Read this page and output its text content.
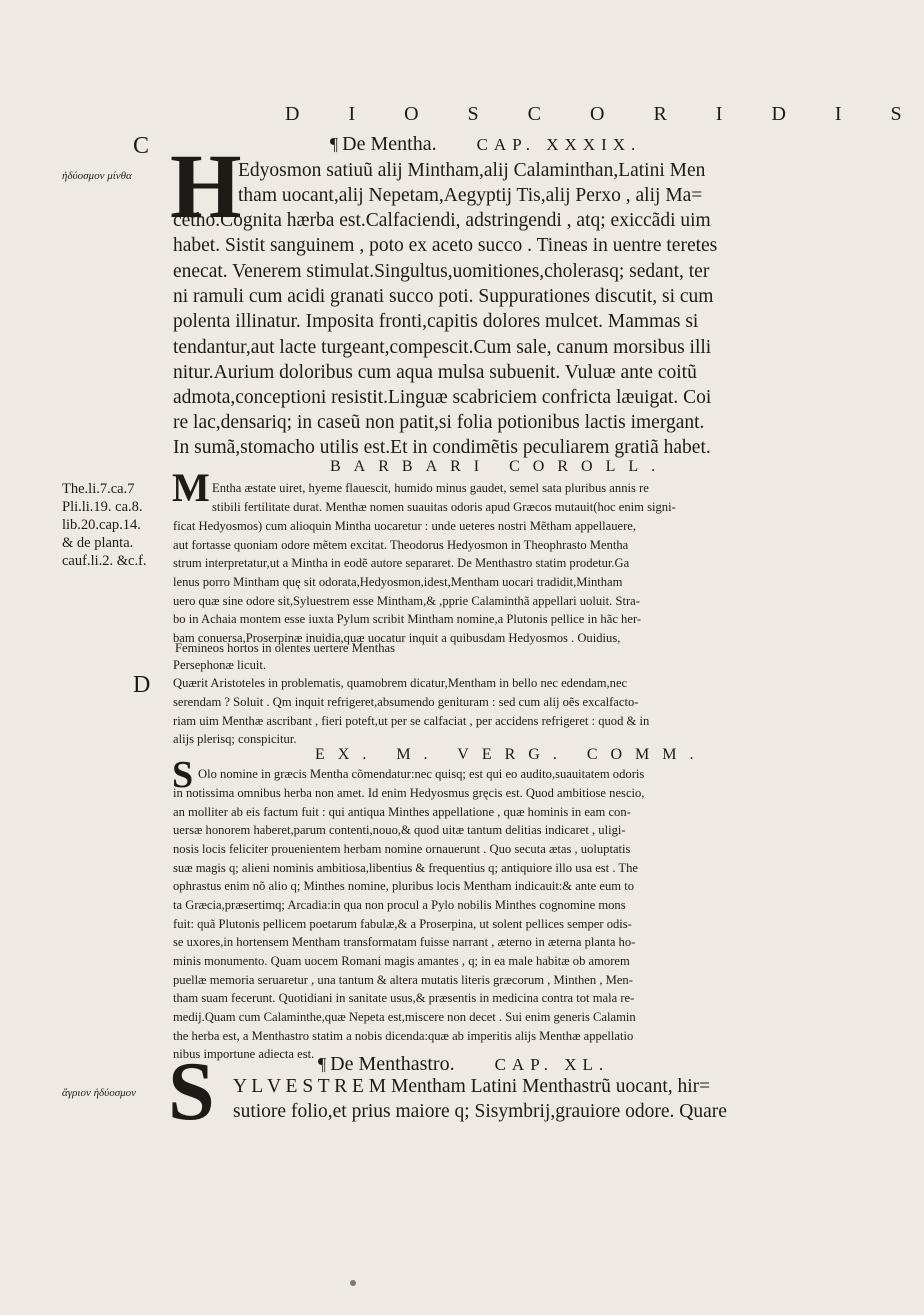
D I O S C O R I D I S
C
D
ἡδύοσμον μίνθα
ἄγριον ἡδύοσμον
The.li.7.ca.7
Pli.li.19. ca.8.
lib.20.cap.14.
& de planta.
cauf.li.2. &c.f.
¶ De Mentha. CAP. XXXIX.
H
Edyosmon satiuũ alij Mintham,alij Calaminthan,Latini Men
tham uocant,alij Nepetam,Aegyptij Tis,alij Perxo , alij Ma=
cetho.Cognita hærba est.Calfaciendi, adstringendi , atq; exiccãdi uim
habet. Sistit sanguinem , poto ex aceto succo . Tineas in uentre teretes
enecat. Venerem stimulat.Singultus,uomitiones,cholerasq; sedant, ter
ni ramuli cum acidi granati succo poti. Suppurationes discutit, si cum
polenta illinatur. Imposita fronti,capitis dolores mulcet. Mammas si
tendantur,aut lacte turgeant,compescit.Cum sale, canum morsibus illi
nitur.Aurium doloribus cum aqua mulsa subuenit. Vuluæ ante coitũ
admota,conceptioni resistit.Linguæ scabriciem confricta læuigat. Coi
re lac,densariq; in caseũ non patit,si folia potionibus lactis imergant.
In sumã,stomacho utilis est.Et in condimẽtis peculiarem gratiã habet.
BARBARI COROLL.
M Entha æstate uiret, hyeme flauescit, humido minus gaudet, semel sata pluribus annis re
stibili fertilitate durat. Menthæ nomen suauitas odoris apud Græcos mutauit(hoc enim signi-
ficat Hedyosmos) cum alioquin Mintha uocaretur : unde ueteres nostri Mẽtham appellauere,
aut fortasse quoniam odore mẽtem excitat. Theodorus Hedyosmon in Theophrasto Mentha
strum interpretatur,ut a Mintha in eodẽ autore separaret. De Menthastro statim prodetur.Ga
lenus porro Mintham quę sit odorata,Hedyosmon,idest,Mentham uocari tradidit,Mintham
uero quæ sine odore sit,Syluestrem esse Mintham,& ,pprie Calaminthã appellari uoluit. Stra-
bo in Achaia montem esse iuxta Pylum scribit Mintham nomine,a Plutonis pellice in hãc her-
bam conuersa,Proserpinæ inuidia,quæ uocatur inquit a quibusdam Hedyosmos . Ouidius,
Femineos hortos in olentes uertere Menthas
Persephonæ licuit.
Quærit Aristoteles in problematis, quamobrem dicatur,Mentham in bello nec edendam,nec
serendam ? Soluit . Qm inquit refrigeret,absumendo genituram : sed cum alij oẽs excalfacto-
riam uim Menthæ ascribant , fieri poteft,ut per se calfaciat , per accidens refrigeret : quod & in
alijs plerisq; conspicitur.
EX. M. VERG. COMM.
S Olo nomine in græcis Mentha cõmendatur:nec quisq; est qui eo audito,suauitatem odoris
in notissima omnibus herba non amet. Id enim Hedyosmus gręcis est. Quod ambitiose nescio,
an molliter ab eis factum fuit : qui antiqua Minthes appellatione , quæ hominis in eam con-
uersæ honorem haberet,parum contenti,nouo,& quod uitæ tantum delitias indicaret , uligi-
nosis locis feliciter prouenientem herbam nomine ornauerunt . Quo secuta ætas , uoluptatis
suæ magis q; alieni nominis ambitiosa,libentius & frequentius q; antiquiore illo usa est . The
ophrastus enim nõ alio q; Minthes nomine, pluribus locis Mentham indicauit:& ante eum to
ta Græcia,præsertimq; Arcadia:in qua non procul a Pylo nobilis Minthes cognomine mons
fuit: quã Plutonis pellicem poetarum fabulæ,& a Proserpina, ut solent pellices semper odis-
se uxores,in hortensem Mentham transformatam fuisse narrant , æterno in æterna planta ho-
minis monumento. Quam uocem Romani magis amantes , q; in ea male habitæ ob amorem
puellæ memoria seruaretur , una tantum & altera mutatis literis græcorum , Minthen , Men-
tham suam fecerunt. Quotidiani in sanitate usus,& præsentis in medicina contra tot mala re-
medij.Quam cum Calaminthe,quæ Nepeta est,miscere non decet . Sui enim generis Calamin
the herba est, a Menthastro statim a nobis dicenda:quæ ab imperitis alijs Menthæ appellatio
nibus importune adiecta est. ¶ De Menthastro. CAP. XL.
S Y L V E S T R E M Mentham Latini Menthastrũ uocant, hir=
sutiore folio,et prius maiore q; Sisymbrij,grauiore odore. Quare
